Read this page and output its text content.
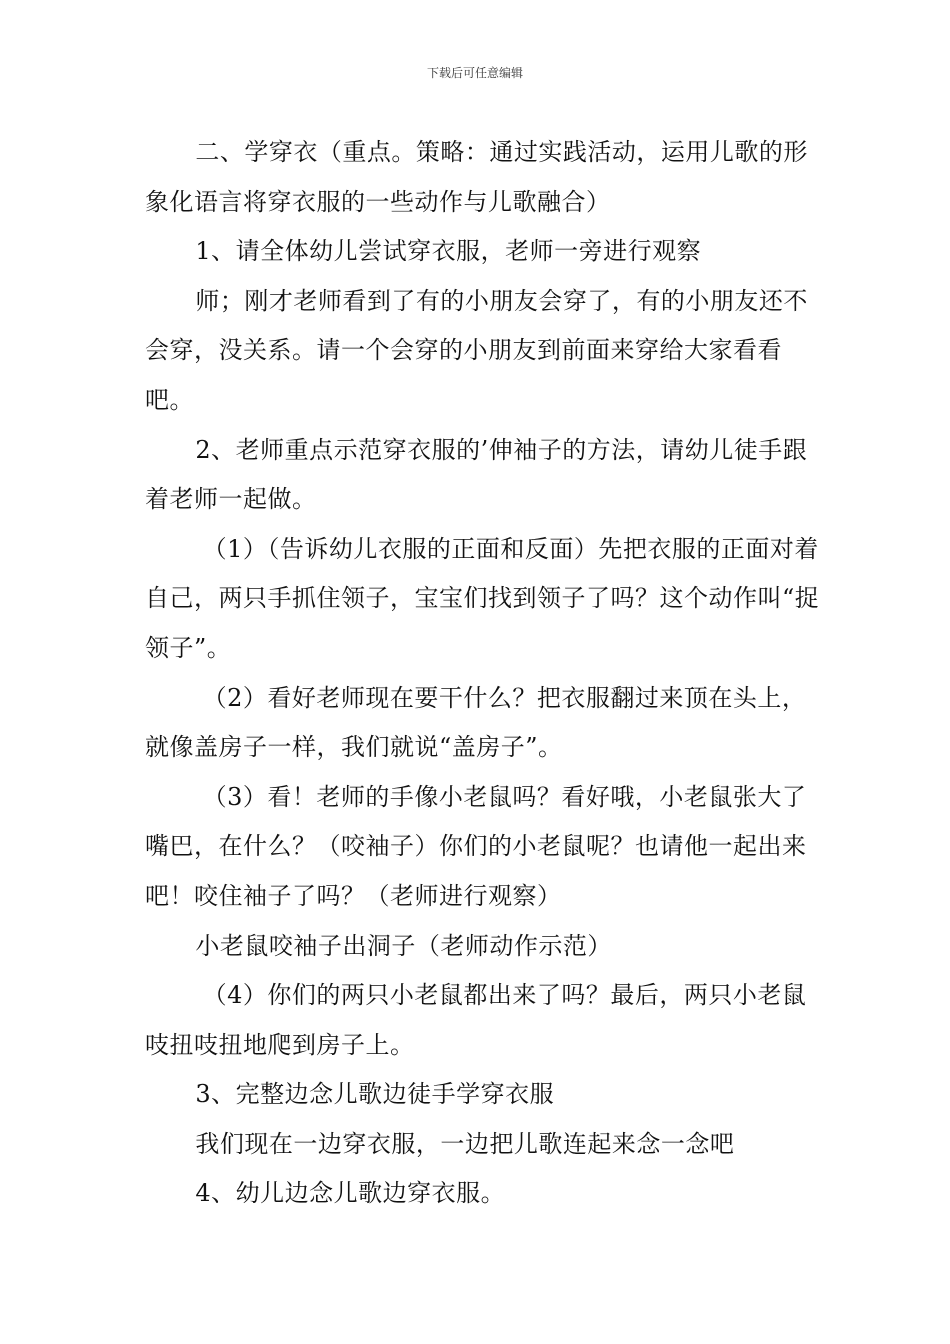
下载后可任意编辑

二、学穿衣（重点。策略：通过实践活动，运用儿歌的形象化语言将穿衣服的一些动作与儿歌融合）

1、请全体幼儿尝试穿衣服，老师一旁进行观察

师；刚才老师看到了有的小朋友会穿了，有的小朋友还不会穿，没关系。请一个会穿的小朋友到前面来穿给大家看看吧。

2、老师重点示范穿衣服的’伸袖子的方法，请幼儿徒手跟着老师一起做。

（1）（告诉幼儿衣服的正面和反面）先把衣服的正面对着自己，两只手抓住领子，宝宝们找到领子了吗？这个动作叫“捉领子”。

（2）看好老师现在要干什么？把衣服翻过来顶在头上，就像盖房子一样，我们就说“盖房子”。

（3）看！老师的手像小老鼠吗？看好哦，小老鼠张大了嘴巴，在什么？（咬袖子）你们的小老鼠呢？也请他一起出来吧！咬住袖子了吗？（老师进行观察）

小老鼠咬袖子出洞子（老师动作示范）

（4）你们的两只小老鼠都出来了吗？最后，两只小老鼠吱扭吱扭地爬到房子上。

3、完整边念儿歌边徒手学穿衣服

我们现在一边穿衣服，一边把儿歌连起来念一念吧

4、幼儿边念儿歌边穿衣服。
